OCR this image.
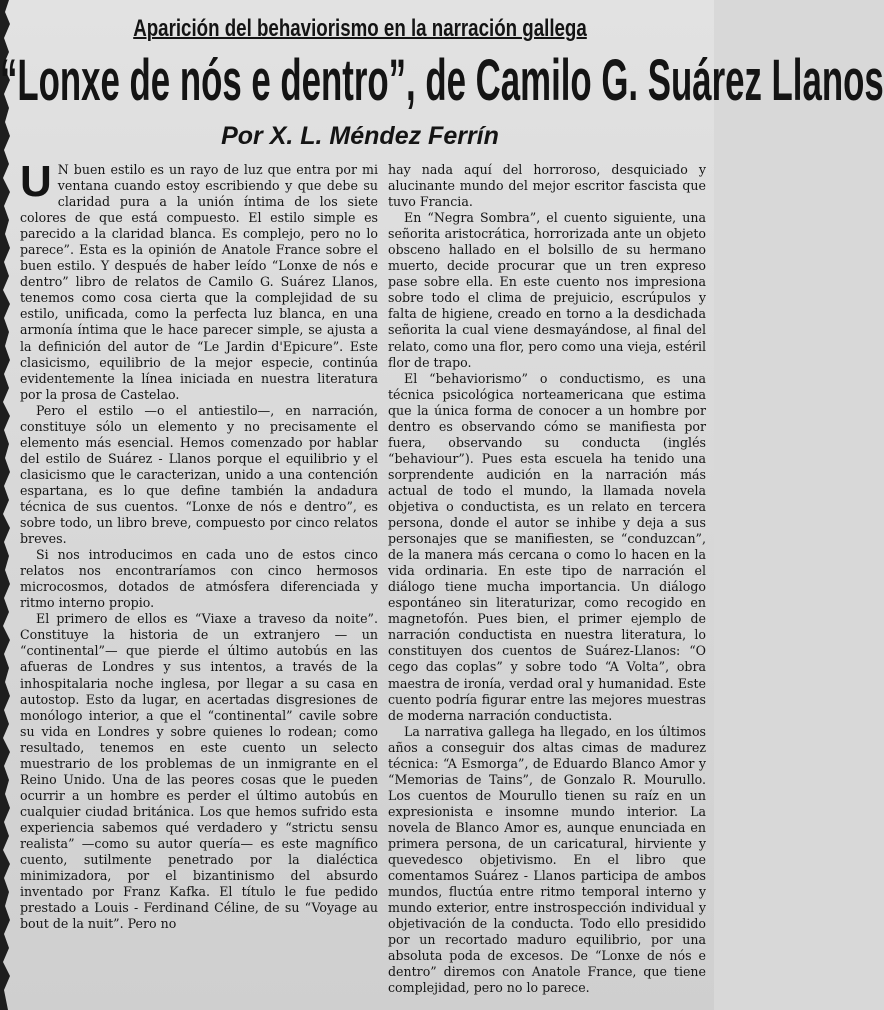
Aparición del behaviorismo en la narración gallega
“Lonxe de nós e dentro”, de Camilo G. Suárez Llanos
Por X. L. Méndez Ferrín

U N buen estilo es un rayo de luz que entra por mi ventana cuando estoy escribiendo y que debe su claridad pura a la unión íntima de los siete colores de que está compuesto. El estilo simple es parecido a la claridad blanca. Es complejo, pero no lo parece”. Esta es la opinión de Anatole France sobre el buen estilo. Y después de haber leído “Lonxe de nós e dentro” libro de relatos de Camilo G. Suárez Llanos, tenemos como cosa cierta que la complejidad de su estilo, unificada, como la perfecta luz blanca, en una armonía íntima que le hace parecer simple, se ajusta a la definición del autor de “Le Jardin d'Epicure”. Este clasicismo, equilibrio de la mejor especie, continúa evidentemente la línea iniciada en nuestra literatura por la prosa de Castelao.

Pero el estilo —o el antiestilo—, en narración, constituye sólo un elemento y no precisamente el elemento más esencial. Hemos comenzado por hablar del estilo de Suárez - Llanos porque el equilibrio y el clasicismo que le caracterizan, unido a una contención espartana, es lo que define también la andadura técnica de sus cuentos. “Lonxe de nós e dentro”, es sobre todo, un libro breve, compuesto por cinco relatos breves.

Si nos introducimos en cada uno de estos cinco relatos nos encontraríamos con cinco hermosos microcosmos, dotados de atmósfera diferenciada y ritmo interno propio.

El primero de ellos es “Viaxe a traveso da noite”. Constituye la historia de un extranjero — un “continental”— que pierde el último autobús en las afueras de Londres y sus intentos, a través de la inhospitalaria noche inglesa, por llegar a su casa en autostop. Esto da lugar, en acertadas disgresiones de monólogo interior, a que el “continental” cavile sobre su vida en Londres y sobre quienes lo rodean; como resultado, tenemos en este cuento un selecto muestrario de los problemas de un inmigrante en el Reino Unido. Una de las peores cosas que le pueden ocurrir a un hombre es perder el último autobús en cualquier ciudad británica. Los que hemos sufrido esta experiencia sabemos qué verdadero y “strictu sensu realista” —como su autor quería— es este magnífico cuento, sutilmente penetrado por la dialéctica minimizadora, por el bizantinismo del absurdo inventado por Franz Kafka. El título le fue pedido prestado a Louis - Ferdinand Céline, de su “Voyage au bout de la nuit”. Pero no

hay nada aquí del horroroso, desquiciado y alucinante mundo del mejor escritor fascista que tuvo Francia.

En “Negra Sombra”, el cuento siguiente, una señorita aristocrática, horrorizada ante un objeto obsceno hallado en el bolsillo de su hermano muerto, decide procurar que un tren expreso pase sobre ella. En este cuento nos impresiona sobre todo el clima de prejuicio, escrúpulos y falta de higiene, creado en torno a la desdichada señorita la cual viene desmayándose, al final del relato, como una flor, pero como una vieja, estéril flor de trapo.

El “behaviorismo” o conductismo, es una técnica psicológica norteamericana que estima que la única forma de conocer a un hombre por dentro es observando cómo se manifiesta por fuera, observando su conducta (inglés “behaviour”). Pues esta escuela ha tenido una sorprendente audición en la narración más actual de todo el mundo, la llamada novela objetiva o conductista, es un relato en tercera persona, donde el autor se inhibe y deja a sus personajes que se manifiesten, se “conduzcan”, de la manera más cercana o como lo hacen en la vida ordinaria. En este tipo de narración el diálogo tiene mucha importancia. Un diálogo espontáneo sin literaturizar, como recogido en magnetofón. Pues bien, el primer ejemplo de narración conductista en nuestra literatura, lo constituyen dos cuentos de Suárez-Llanos: “O cego das coplas” y sobre todo “A Volta”, obra maestra de ironía, verdad oral y humanidad. Este cuento podría figurar entre las mejores muestras de moderna narración conductista.

La narrativa gallega ha llegado, en los últimos años a conseguir dos altas cimas de madurez técnica: “A Esmorga”, de Eduardo Blanco Amor y “Memorias de Tains”, de Gonzalo R. Mourullo. Los cuentos de Mourullo tienen su raíz en un expresionista e insomne mundo interior. La novela de Blanco Amor es, aunque enunciada en primera persona, de un caricatural, hirviente y quevedesco objetivismo. En el libro que comentamos Suárez - Llanos participa de ambos mundos, fluctúa entre ritmo temporal interno y mundo exterior, entre instrospección individual y objetivación de la conducta. Todo ello presidido por un recortado maduro equilibrio, por una absoluta poda de excesos. De “Lonxe de nós e dentro” diremos con Anatole France, que tiene complejidad, pero no lo parece.
